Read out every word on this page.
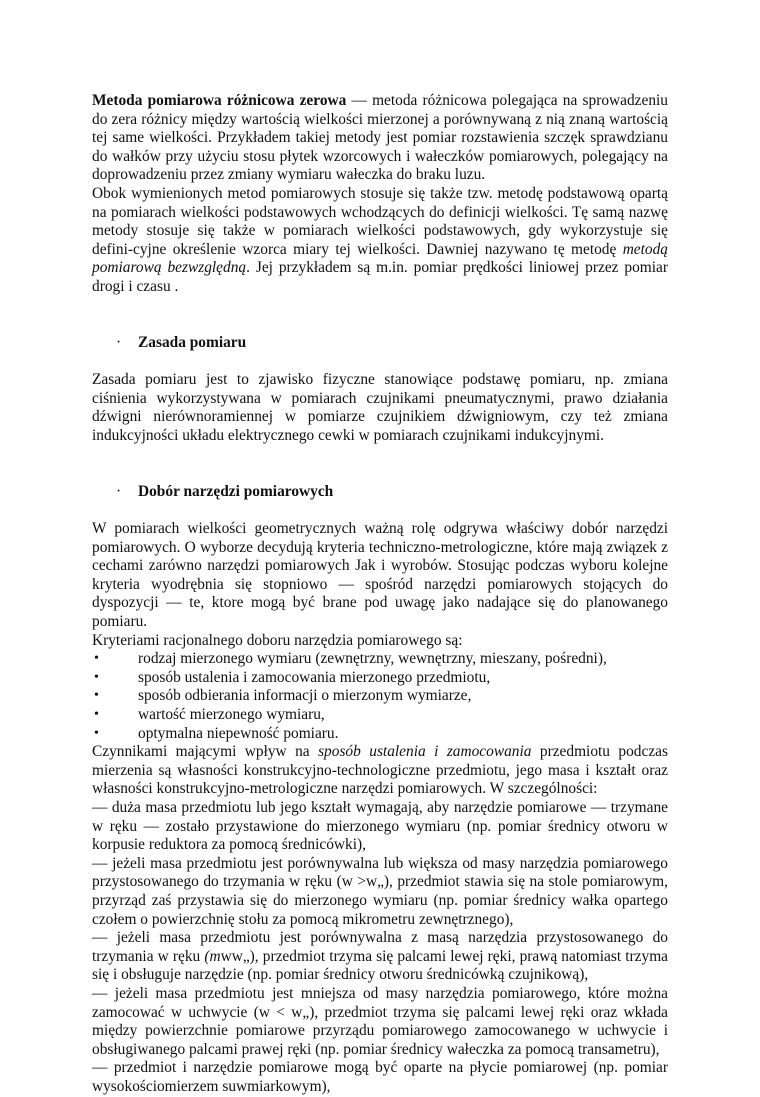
Metoda pomiarowa różnicowa zerowa — metoda różnicowa polegająca na sprowadzeniu do zera różnicy między wartością wielkości mierzonej a porównywaną z nią znaną wartością tej same wielkości. Przykładem takiej metody jest pomiar rozstawienia szczęk sprawdzianu do wałków przy użyciu stosu płytek wzorcowych i wałeczków pomiarowych, polegający na doprowadzeniu przez zmiany wymiaru wałeczka do braku luzu.

Obok wymienionych metod pomiarowych stosuje się także tzw. metodę podstawową opartą na pomiarach wielkości podstawowych wchodzących do definicji wielkości. Tę samą nazwę metody stosuje się także w pomiarach wielkości podstawowych, gdy wykorzystuje się defini-cyjne określenie wzorca miary tej wielkości. Dawniej nazywano tę metodę metodą pomiarową bezwzględną. Jej przykładem są m.in. pomiar prędkości liniowej przez pomiar drogi i czasu .

· Zasada pomiaru

Zasada pomiaru jest to zjawisko fizyczne stanowiące podstawę pomiaru, np. zmiana ciśnienia wykorzystywana w pomiarach czujnikami pneumatycznymi, prawo działania dźwigni nierównoramiennej w pomiarze czujnikiem dźwigniowym, czy też zmiana indukcyjności układu elektrycznego cewki w pomiarach czujnikami indukcyjnymi.

· Dobór narzędzi pomiarowych

W pomiarach wielkości geometrycznych ważną rolę odgrywa właściwy dobór narzędzi pomiarowych. O wyborze decydują kryteria techniczno-metrologiczne, które mają związek z cechami zarówno narzędzi pomiarowych Jak i wyrobów. Stosując podczas wyboru kolejne kryteria wyodrębnia się stopniowo — spośród narzędzi pomiarowych stojących do dyspozycji — te, ktore mogą być brane pod uwagę jako nadające się do planowanego pomiaru.

Kryteriami racjonalnego doboru narzędzia pomiarowego są:

•	rodzaj mierzonego wymiaru (zewnętrzny, wewnętrzny, mieszany, pośredni),
•	sposób ustalenia i zamocowania mierzonego przedmiotu,
•	sposób odbierania informacji o mierzonym wymiarze,
•	wartość mierzonego wymiaru,
•	optymalna niepewność pomiaru.

Czynnikami mającymi wpływ na sposób ustalenia i zamocowania przedmiotu podczas mierzenia są własności konstrukcyjno-technologiczne przedmiotu, jego masa i kształt oraz własności konstrukcyjno-metrologiczne narzędzi pomiarowych. W szczególności:

— duża masa przedmiotu lub jego kształt wymagają, aby narzędzie pomiarowe — trzymane w ręku — zostało przystawione do mierzonego wymiaru (np. pomiar średnicy otworu w korpusie reduktora za pomocą średnicówki),

— jeżeli masa przedmiotu jest porównywalna lub większa od masy narzędzia pomiarowego przystosowanego do trzymania w ręku (w >w„), przedmiot stawia się na stole pomiarowym, przyrząd zaś przystawia się do mierzonego wymiaru (np. pomiar średnicy wałka opartego czołem o powierzchnię stołu za pomocą mikrometru zewnętrznego),

— jeżeli masa przedmiotu jest porównywalna z masą narzędzia przystosowanego do trzymania w ręku (mww„), przedmiot trzyma się palcami lewej ręki, prawą natomiast trzyma się i obsługuje narzędzie (np. pomiar średnicy otworu średnicówką czujnikową),

— jeżeli masa przedmiotu jest mniejsza od masy narzędzia pomiarowego, które można zamocować w uchwycie (w < w„), przedmiot trzyma się palcami lewej ręki oraz wkłada między powierzchnie pomiarowe przyrządu pomiarowego zamocowanego w uchwycie i obsługiwanego palcami prawej ręki (np. pomiar średnicy wałeczka za pomocą transametru),

— przedmiot i narzędzie pomiarowe mogą być oparte na płycie pomiarowej (np. pomiar wysokościomierzem suwmiarkowym),
